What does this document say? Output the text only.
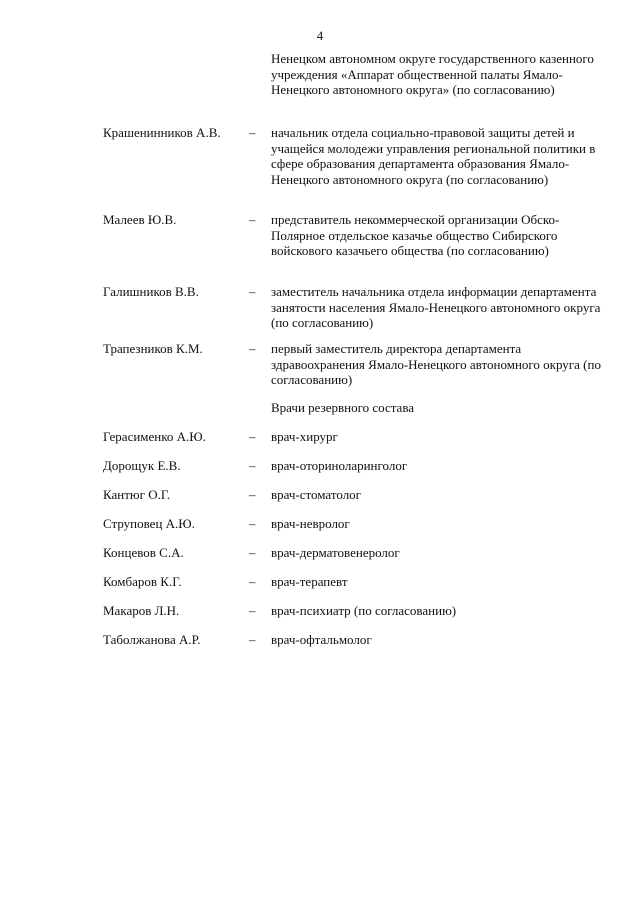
4
Ненецком автономном округе государственного казенного учреждения «Аппарат общественной палаты Ямало-Ненецкого автономного округа» (по согласованию)
Крашенинников А.В. – начальник отдела социально-правовой защиты детей и учащейся молодежи управления региональной политики в сфере образования департамента образования Ямало-Ненецкого автономного округа (по согласованию)
Малеев Ю.В.	– представитель некоммерческой организации Обско-Полярное отдельское казачье общество Сибирского войскового казачьего общества (по согласованию)
Галишников В.В.	– заместитель начальника отдела информации департамента занятости населения Ямало-Ненецкого автономного округа (по согласованию)
Трапезников К.М.	– первый заместитель директора департамента здравоохранения Ямало-Ненецкого автономного округа (по согласованию)
Врачи резервного состава
Герасименко А.Ю.	– врач-хирург
Дорощук Е.В.	– врач-оториноларинголог
Кантюг О.Г.	– врач-стоматолог
Струповец А.Ю.	– врач-невролог
Концевов С.А.	– врач-дерматовенеролог
Комбаров К.Г.	– врач-терапевт
Макаров Л.Н.	– врач-психиатр (по согласованию)
Таболжанова А.Р.	– врач-офтальмолог
